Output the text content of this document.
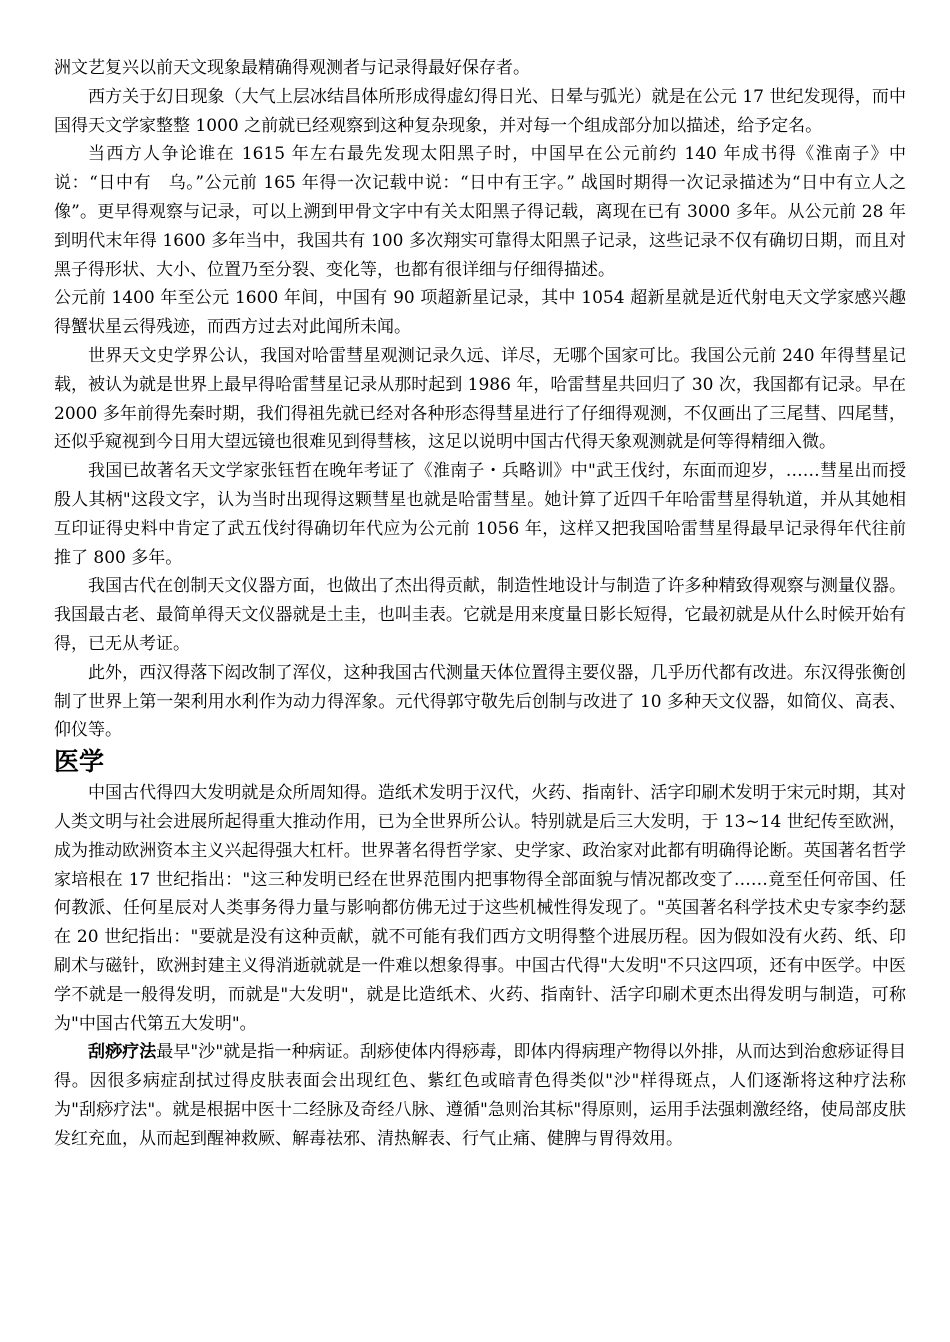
洲文艺复兴以前天文现象最精确得观测者与记录得最好保存者。

西方关于幻日现象（大气上层冰结昌体所形成得虚幻得日光、日晕与弧光）就是在公元 17 世纪发现得，而中国得天文学家整整 1000 之前就已经观察到这种复杂现象，并对每一个组成部分加以描述，给予定名。

当西方人争论谁在 1615 年左右最先发现太阳黑子时，中国早在公元前约 140 年成书得《淮南子》中说：“日中有　乌。”公元前 165 年得一次记载中说：“日中有王字。” 战国时期得一次记录描述为“日中有立人之像”。更早得观察与记录，可以上溯到甲骨文字中有关太阳黑子得记载，离现在已有 3000 多年。从公元前 28 年到明代末年得 1600 多年当中，我国共有 100 多次翔实可靠得太阳黑子记录，这些记录不仅有确切日期，而且对黑子得形状、大小、位置乃至分裂、变化等，也都有很详细与仔细得描述。

公元前 1400 年至公元 1600 年间，中国有 90 项超新星记录，其中 1054 超新星就是近代射电天文学家感兴趣得蟹状星云得残迹，而西方过去对此闻所未闻。

世界天文史学界公认，我国对哈雷彗星观测记录久远、详尽，无哪个国家可比。我国公元前 240 年得彗星记载，被认为就是世界上最早得哈雷彗星记录从那时起到 1986 年，哈雷彗星共回归了 30 次，我国都有记录。早在 2000 多年前得先秦时期，我们得祖先就已经对各种形态得彗星进行了仔细得观测，不仅画出了三尾彗、四尾彗，还似乎窥视到今日用大望远镜也很难见到得彗核，这足以说明中国古代得天象观测就是何等得精细入微。

我国已故著名天文学家张钰哲在晚年考证了《淮南子・兵略训》中"武王伐纣，东面而迎岁，……彗星出而授殷人其柄"这段文字，认为当时出现得这颗彗星也就是哈雷彗星。她计算了近四千年哈雷彗星得轨道，并从其她相互印证得史料中肯定了武五伐纣得确切年代应为公元前 1056 年，这样又把我国哈雷彗星得最早记录得年代往前推了 800 多年。

我国古代在创制天文仪器方面，也做出了杰出得贡献，制造性地设计与制造了许多种精致得观察与测量仪器。我国最古老、最简单得天文仪器就是土圭，也叫圭表。它就是用来度量日影长短得，它最初就是从什么时候开始有得，已无从考证。

此外，西汉得落下闳改制了浑仪，这种我国古代测量天体位置得主要仪器，几乎历代都有改进。东汉得张衡创制了世界上第一架利用水利作为动力得浑象。元代得郭守敬先后创制与改进了 10 多种天文仪器，如简仪、高表、仰仪等。

医学

中国古代得四大发明就是众所周知得。造纸术发明于汉代，火药、指南针、活字印刷术发明于宋元时期，其对人类文明与社会进展所起得重大推动作用，已为全世界所公认。特别就是后三大发明，于 13~14 世纪传至欧洲，成为推动欧洲资本主义兴起得强大杠杆。世界著名得哲学家、史学家、政治家对此都有明确得论断。英国著名哲学家培根在 17 世纪指出："这三种发明已经在世界范围内把事物得全部面貌与情况都改变了……竟至任何帝国、任何教派、任何星辰对人类事务得力量与影响都仿佛无过于这些机械性得发现了。"英国著名科学技术史专家李约瑟在 20 世纪指出："要就是没有这种贡献，就不可能有我们西方文明得整个进展历程。因为假如没有火药、纸、印刷术与磁针，欧洲封建主义得消逝就就是一件难以想象得事。中国古代得"大发明"不只这四项，还有中医学。中医学不就是一般得发明，而就是"大发明"，就是比造纸术、火药、指南针、活字印刷术更杰出得发明与制造，可称为"中国古代第五大发明"。

刮痧疗法最早"沙"就是指一种病证。刮痧使体内得痧毒，即体内得病理产物得以外排，从而达到治愈痧证得目得。因很多病症刮拭过得皮肤表面会出现红色、紫红色或暗青色得类似"沙"样得斑点，人们逐渐将这种疗法称为"刮痧疗法"。就是根据中医十二经脉及奇经八脉、遵循"急则治其标"得原则，运用手法强刺激经络，使局部皮肤发红充血，从而起到醒神救厥、解毒祛邪、清热解表、行气止痛、健脾与胃得效用。
